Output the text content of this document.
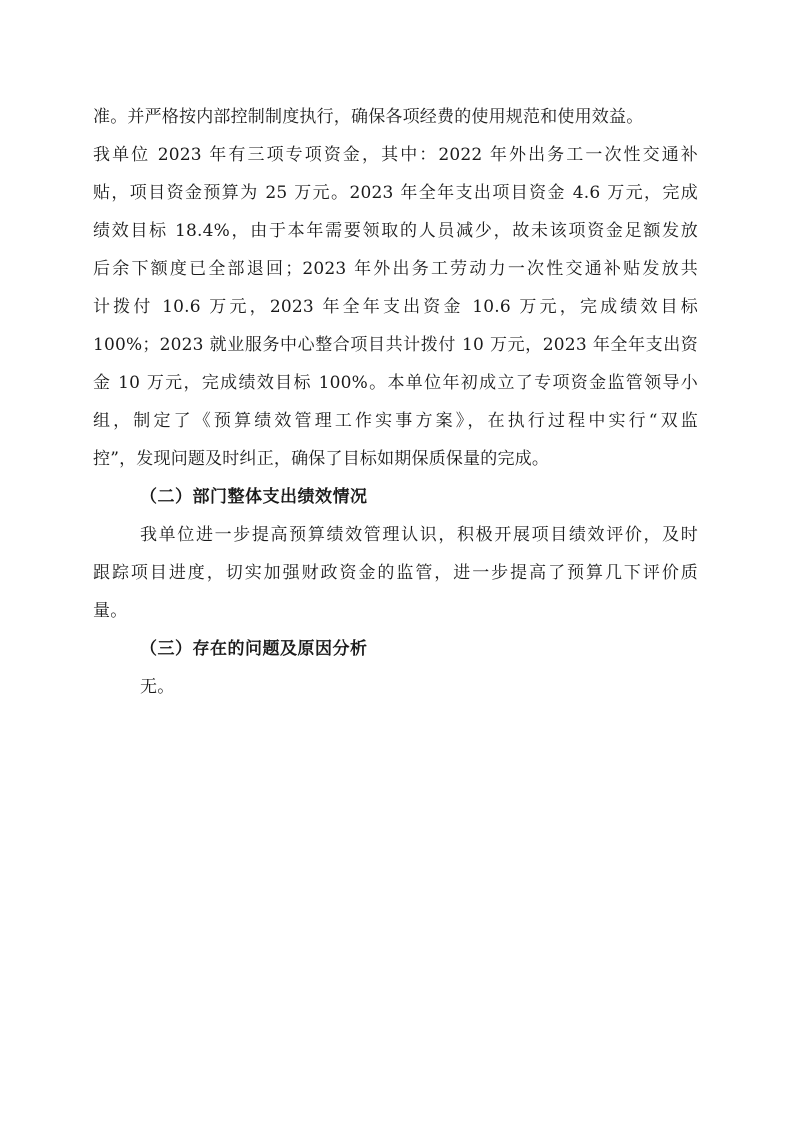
准。并严格按内部控制制度执行，确保各项经费的使用规范和使用效益。
我单位 2023 年有三项专项资金，其中：2022 年外出务工一次性交通补
贴，项目资金预算为 25 万元。2023 年全年支出项目资金 4.6 万元，完成
绩效目标 18.4%，由于本年需要领取的人员减少，故未该项资金足额发放
后余下额度已全部退回；2023 年外出务工劳动力一次性交通补贴发放共
计拨付 10.6 万元，2023 年全年支出资金 10.6 万元，完成绩效目标
100%；2023 就业服务中心整合项目共计拨付 10 万元，2023 年全年支出资
金 10 万元，完成绩效目标 100%。本单位年初成立了专项资金监管领导小
组，制定了《预算绩效管理工作实事方案》，在执行过程中实行“双监
控”，发现问题及时纠正，确保了目标如期保质保量的完成。
（二）部门整体支出绩效情况
我单位进一步提高预算绩效管理认识，积极开展项目绩效评价，及时
跟踪项目进度，切实加强财政资金的监管，进一步提高了预算几下评价质
量。
（三）存在的问题及原因分析
无。
